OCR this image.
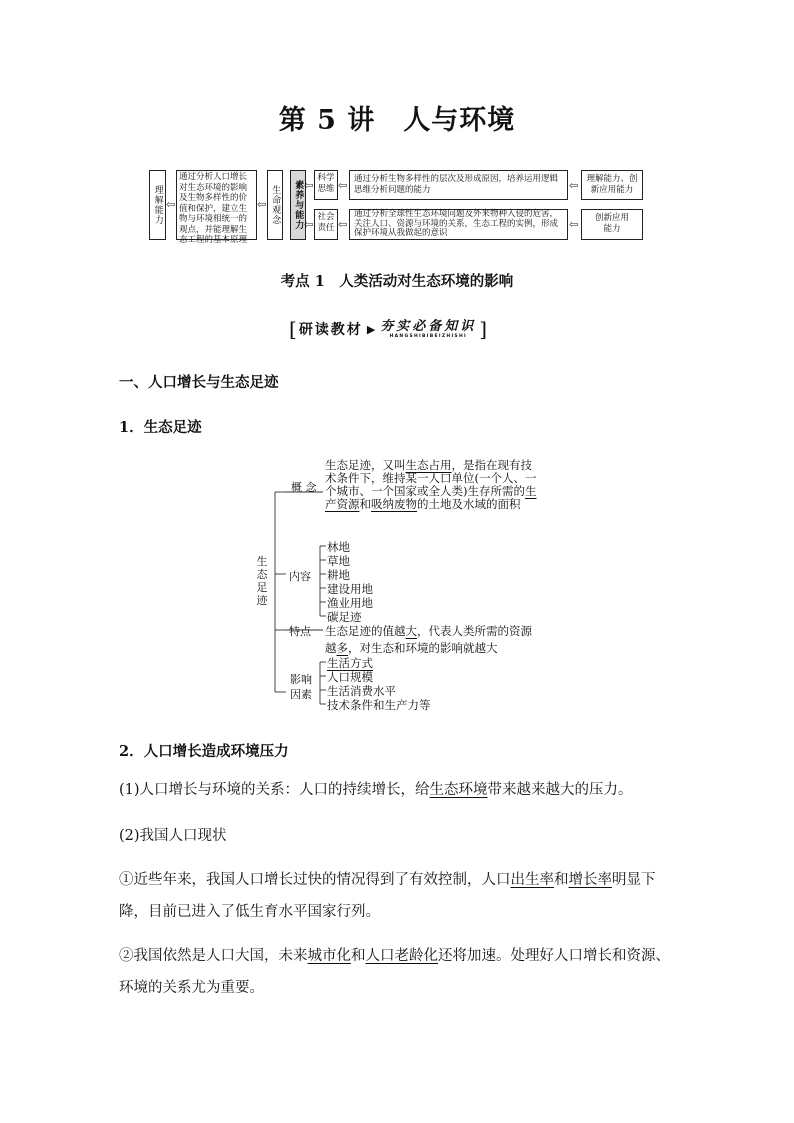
第 5 讲　人与环境
理解能力 ⇦
通过分析人口增长对生态环境的影响及生物多样性的价值和保护，建立生物与环境相统一的观点，并能理解生态工程的基本原理
⇦ 生命观念	素养与能力 ⇦
⇦
科学思维 ⇦ 通过分析生物多样性的层次及形成原因，培养运用逻辑思维分析问题的能力	⇦ 理解能力、创新应用能力
社会责任 ⇦
通过分析全球性生态环境问题及外来物种入侵的危害，关注人口、资源与环境的关系，生态工程的实例，形成保护环境从我做起的意识
⇦	创新应用能力
考点 1　人类活动对生态环境的影响
[ 研读教材 ▶ 夯实必备知识
HANGSHIBIBEIZHISHI ]
一、人口增长与生态足迹
1．生态足迹
生态足迹
概 念
生态足迹，又叫生态占用，是指在现有技术条件下，维持某一人口单位(一个人、一个城市、一个国家或全人类)生存所需的生产资源和吸纳废物的土地及水域的面积
内容
林地
草地
耕地
建设用地
渔业用地
碳足迹
特点 生态足迹的值越大，代表人类所需的资源越多，对生态和环境的影响就越大
影响
因素
生活方式
人口规模
生活消费水平
技术条件和生产力等
2．人口增长造成环境压力
(1)人口增长与环境的关系：人口的持续增长，给生态环境带来越来越大的压力。
(2)我国人口现状
①近些年来，我国人口增长过快的情况得到了有效控制，人口出生率和增长率明显下降，目前已进入了低生育水平国家行列。
②我国依然是人口大国，未来城市化和人口老龄化还将加速。处理好人口增长和资源、环境的关系尤为重要。
